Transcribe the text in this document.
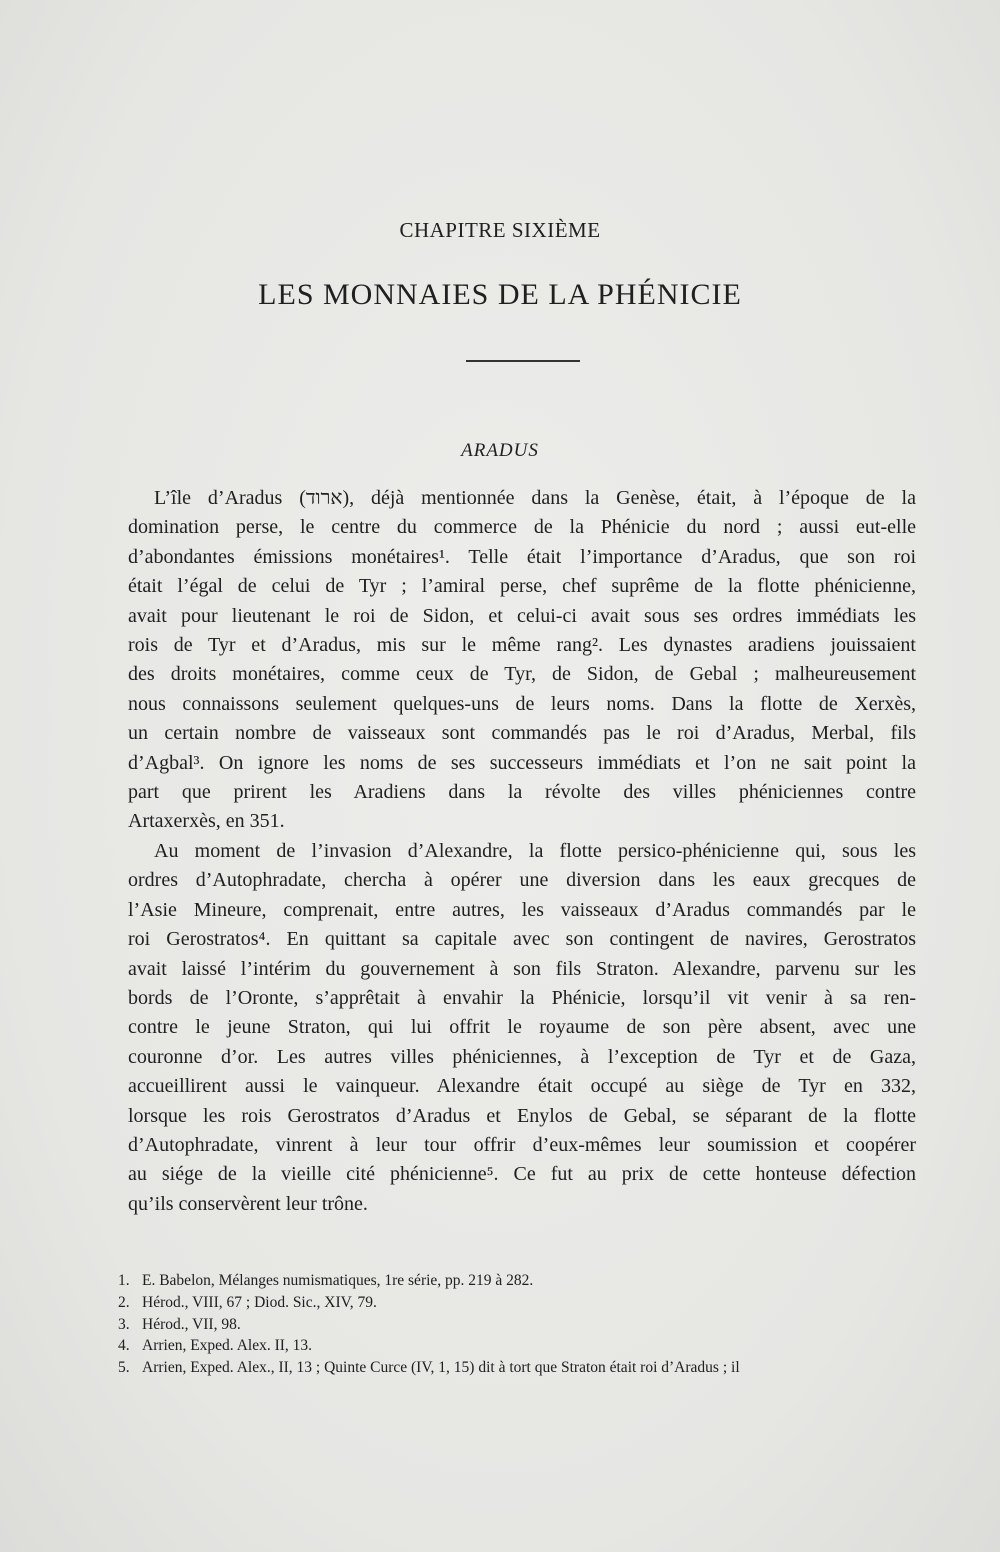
CHAPITRE SIXIÈME
LES MONNAIES DE LA PHÉNICIE
ARADUS

L’île d’Aradus (ארוד), déjà mentionnée dans la Genèse, était, à l’époque de la
domination perse, le centre du commerce de la Phénicie du nord ; aussi eut-elle
d’abondantes émissions monétaires¹. Telle était l’importance d’Aradus, que son roi
était l’égal de celui de Tyr ; l’amiral perse, chef suprême de la flotte phénicienne,
avait pour lieutenant le roi de Sidon, et celui-ci avait sous ses ordres immédiats les
rois de Tyr et d’Aradus, mis sur le même rang². Les dynastes aradiens jouissaient
des droits monétaires, comme ceux de Tyr, de Sidon, de Gebal ; malheureusement
nous connaissons seulement quelques-uns de leurs noms. Dans la flotte de Xerxès,
un certain nombre de vaisseaux sont commandés pas le roi d’Aradus, Merbal, fils
d’Agbal³. On ignore les noms de ses successeurs immédiats et l’on ne sait point la
part que prirent les Aradiens dans la révolte des villes phéniciennes contre
Artaxerxès, en 351.

Au moment de l’invasion d’Alexandre, la flotte persico-phénicienne qui, sous les
ordres d’Autophradate, chercha à opérer une diversion dans les eaux grecques de
l’Asie Mineure, comprenait, entre autres, les vaisseaux d’Aradus commandés par le
roi Gerostratos⁴. En quittant sa capitale avec son contingent de navires, Gerostratos
avait laissé l’intérim du gouvernement à son fils Straton. Alexandre, parvenu sur les
bords de l’Oronte, s’apprêtait à envahir la Phénicie, lorsqu’il vit venir à sa ren-
contre le jeune Straton, qui lui offrit le royaume de son père absent, avec une
couronne d’or. Les autres villes phéniciennes, à l’exception de Tyr et de Gaza,
accueillirent aussi le vainqueur. Alexandre était occupé au siège de Tyr en 332,
lorsque les rois Gerostratos d’Aradus et Enylos de Gebal, se séparant de la flotte
d’Autophradate, vinrent à leur tour offrir d’eux-mêmes leur soumission et coopérer
au siége de la vieille cité phénicienne⁵. Ce fut au prix de cette honteuse défection
qu’ils conservèrent leur trône.

1. E. Babelon, Mélanges numismatiques, 1re série, pp. 219 à 282.
2. Hérod., VIII, 67 ; Diod. Sic., XIV, 79.
3. Hérod., VII, 98.
4. Arrien, Exped. Alex. II, 13.
5. Arrien, Exped. Alex., II, 13 ; Quinte Curce (IV, 1, 15) dit à tort que Straton était roi d’Aradus ; il
